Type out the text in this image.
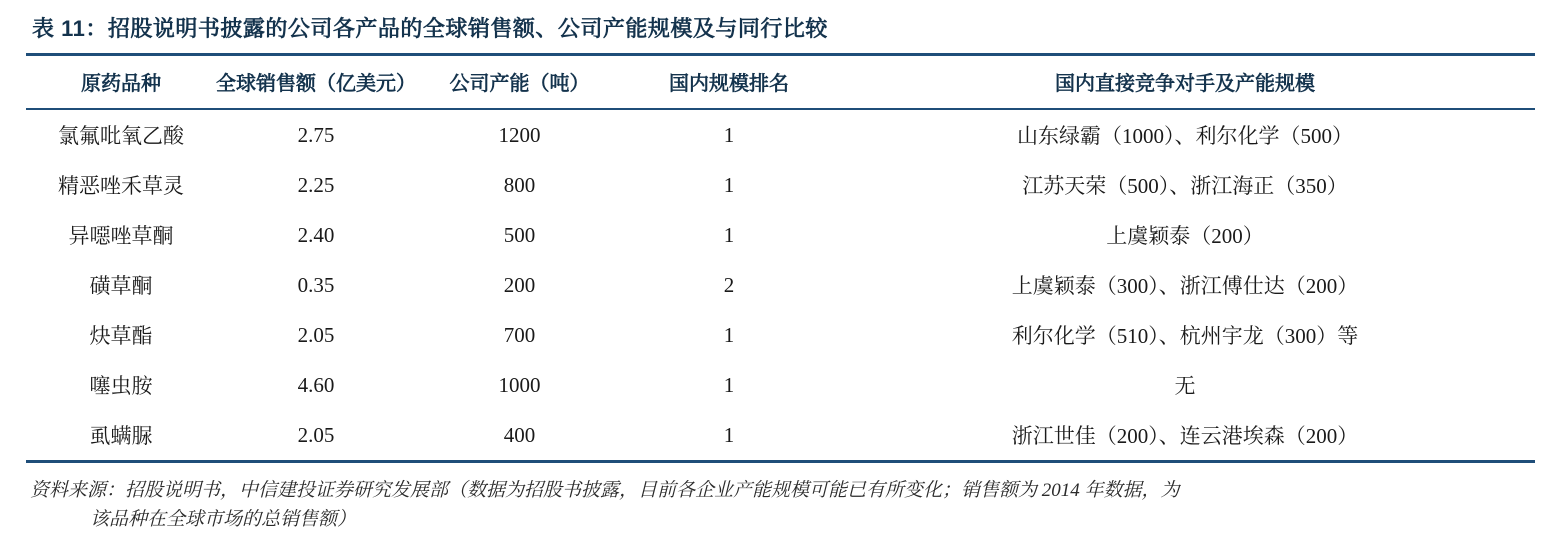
表 11：招股说明书披露的公司各产品的全球销售额、公司产能规模及与同行比较
原药品种	全球销售额（亿美元）	公司产能（吨）	国内规模排名	国内直接竞争对手及产能规模
氯氟吡氧乙酸	2.75	1200	1	山东绿霸（1000）、利尔化学（500）
精恶唑禾草灵	2.25	800	1	江苏天荣（500）、浙江海正（350）
异噁唑草酮	2.40	500	1	上虞颖泰（200）
磺草酮	0.35	200	2	上虞颖泰（300）、浙江傅仕达（200）
炔草酯	2.05	700	1	利尔化学（510）、杭州宇龙（300）等
噻虫胺	4.60	1000	1	无
虱螨脲	2.05	400	1	浙江世佳（200）、连云港埃森（200）
资料来源：招股说明书，中信建投证券研究发展部（数据为招股书披露，目前各企业产能规模可能已有所变化；销售额为 2014 年数据，为
该品种在全球市场的总销售额）
